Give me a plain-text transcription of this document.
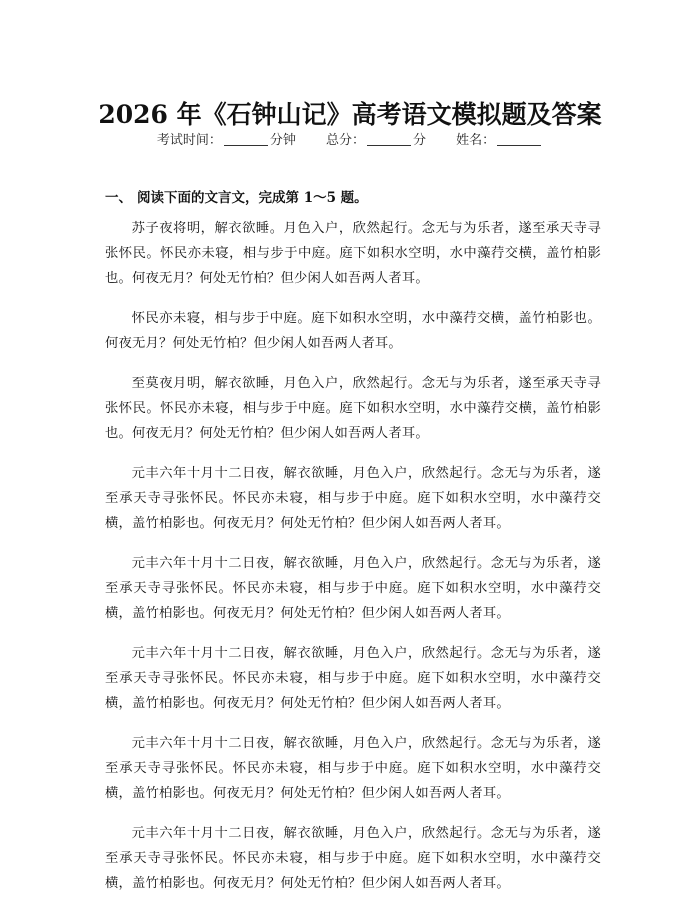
2026 年《石钟山记》高考语文模拟题及答案
考试时间：	分钟 总分：	分 姓名：
一、 阅读下面的文言文，完成第 1～5 题。

苏子夜将明，解衣欲睡。月色入户，欣然起行。念无与为乐者，遂至承天寺寻张怀民。怀民亦未寝，相与步于中庭。庭下如积水空明，水中藻荇交横，盖竹柏影也。何夜无月？何处无竹柏？但少闲人如吾两人者耳。

怀民亦未寝，相与步于中庭。庭下如积水空明，水中藻荇交横，盖竹柏影也。何夜无月？何处无竹柏？但少闲人如吾两人者耳。

至莫夜月明，解衣欲睡，月色入户，欣然起行。念无与为乐者，遂至承天寺寻张怀民。怀民亦未寝，相与步于中庭。庭下如积水空明，水中藻荇交横，盖竹柏影也。何夜无月？何处无竹柏？但少闲人如吾两人者耳。

元丰六年十月十二日夜，解衣欲睡，月色入户，欣然起行。念无与为乐者，遂至承天寺寻张怀民。怀民亦未寝，相与步于中庭。庭下如积水空明，水中藻荇交横，盖竹柏影也。何夜无月？何处无竹柏？但少闲人如吾两人者耳。

元丰六年十月十二日夜，解衣欲睡，月色入户，欣然起行。念无与为乐者，遂至承天寺寻张怀民。怀民亦未寝，相与步于中庭。庭下如积水空明，水中藻荇交横，盖竹柏影也。何夜无月？何处无竹柏？但少闲人如吾两人者耳。

元丰六年十月十二日夜，解衣欲睡，月色入户，欣然起行。念无与为乐者，遂至承天寺寻张怀民。怀民亦未寝，相与步于中庭。庭下如积水空明，水中藻荇交横，盖竹柏影也。何夜无月？何处无竹柏？但少闲人如吾两人者耳。

元丰六年十月十二日夜，解衣欲睡，月色入户，欣然起行。念无与为乐者，遂至承天寺寻张怀民。怀民亦未寝，相与步于中庭。庭下如积水空明，水中藻荇交横，盖竹柏影也。何夜无月？何处无竹柏？但少闲人如吾两人者耳。

元丰六年十月十二日夜，解衣欲睡，月色入户，欣然起行。念无与为乐者，遂至承天寺寻张怀民。怀民亦未寝，相与步于中庭。庭下如积水空明，水中藻荇交横，盖竹柏影也。何夜无月？何处无竹柏？但少闲人如吾两人者耳。
